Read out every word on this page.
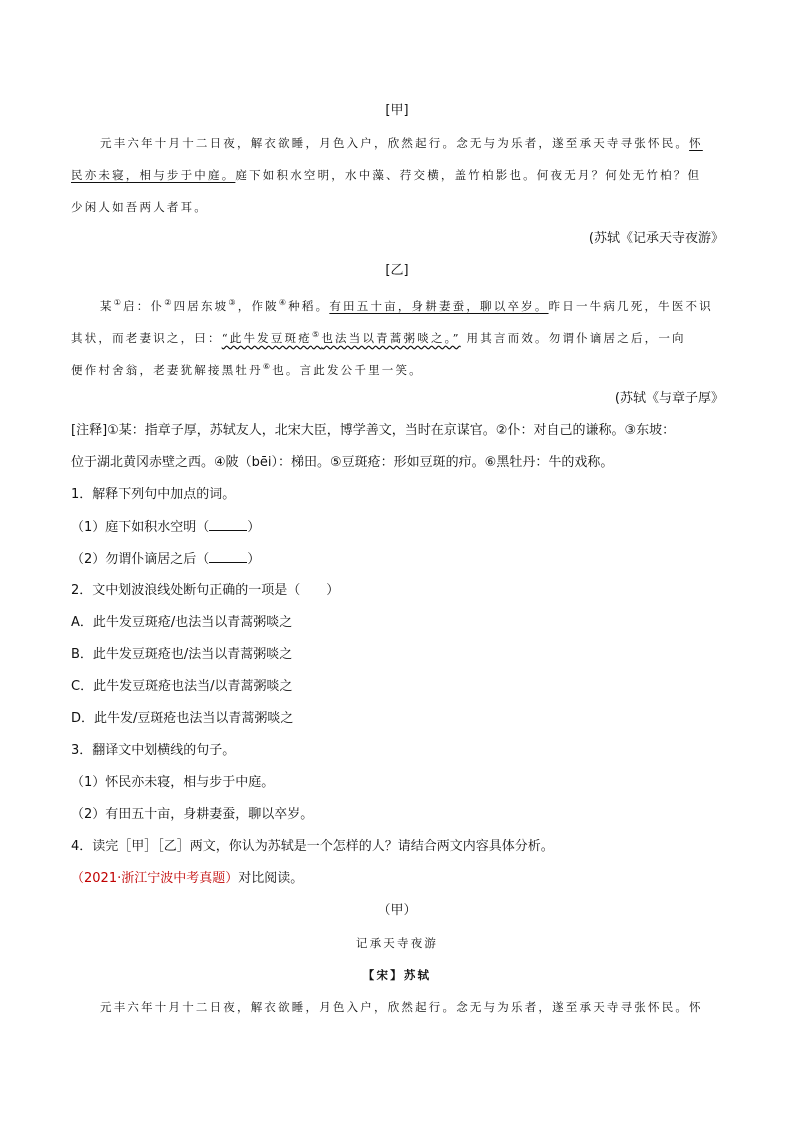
[甲]
元丰六年十月十二日夜，解衣欲睡，月色入户，欣然起行。念无与为乐者，遂至承天寺寻张怀民。怀
民亦未寝，相与步于中庭。庭下如积水空明，水中藻、荇交横，盖竹柏影也。何夜无月？何处无竹柏？但
少闲人如吾两人者耳。
(苏轼《记承天寺夜游》
[乙]
某①启：仆②四居东坡③，作陂④种稻。有田五十亩，身耕妻蚕，聊以卒岁。昨日一牛病几死，牛医不识
其状，而老妻识之，曰：“此牛发豆斑疮⑤也法当以青蒿粥啖之。” 用其言而效。勿谓仆谪居之后，一向
便作村舍翁，老妻犹解接黑牡丹⑥也。言此发公千里一笑。
(苏轼《与章子厚》
[注释]①某：指章子厚，苏轼友人，北宋大臣，博学善文，当时在京谋官。②仆：对自己的谦称。③东坡：
位于湖北黄冈赤壁之西。④陂（bēi）：梯田。⑤豆斑疮：形如豆斑的疖。⑥黑牡丹：牛的戏称。
1．解释下列句中加点的词。
（1）庭下如积水空明（	）
（2）勿谓仆谪居之后（	）
2．文中划波浪线处断句正确的一项是（　　）
A．此牛发豆斑疮/也法当以青蒿粥啖之
B．此牛发豆斑疮也/法当以青蒿粥啖之
C．此牛发豆斑疮也法当/以青蒿粥啖之
D．此牛发/豆斑疮也法当以青蒿粥啖之
3．翻译文中划横线的句子。
（1）怀民亦未寝，相与步于中庭。
（2）有田五十亩，身耕妻蚕，聊以卒岁。
4．读完［甲］［乙］两文，你认为苏轼是一个怎样的人？请结合两文内容具体分析。
（2021·浙江宁波中考真题）对比阅读。
（甲）
记承天寺夜游
【宋】苏轼
元丰六年十月十二日夜，解衣欲睡，月色入户，欣然起行。念无与为乐者，遂至承天寺寻张怀民。怀
